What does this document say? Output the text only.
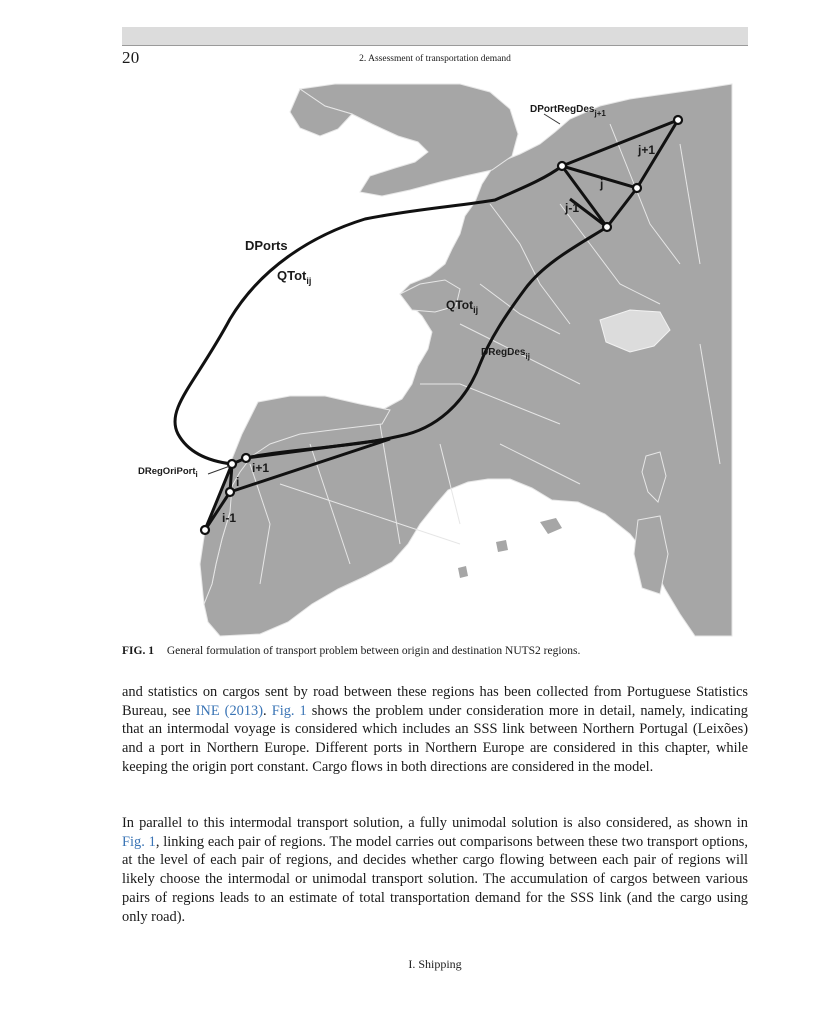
20	2. Assessment of transportation demand
DPortRegDes$_{j+1}$
j+1
j
j-1
DPorts
QTot$_{ij}$
QTot$_{ij}$
DRegDes$_{ij}$
DRegOriPort$_i$	i+1
i
i-1
FIG. 1 General formulation of transport problem between origin and destination NUTS2 regions.

and statistics on cargos sent by road between these regions has been collected from Portuguese Statistics Bureau, see INE (2013). Fig. 1 shows the problem under consideration more in detail, namely, indicating that an intermodal voyage is considered which includes an SSS link between Northern Portugal (Leixões) and a port in Northern Europe. Different ports in Northern Europe are considered in this chapter, while keeping the origin port constant. Cargo flows in both directions are considered in the model.

In parallel to this intermodal transport solution, a fully unimodal solution is also considered, as shown in Fig. 1, linking each pair of regions. The model carries out comparisons between these two transport options, at the level of each pair of regions, and decides whether cargo flowing between each pair of regions will likely choose the intermodal or unimodal transport solution. The accumulation of cargos between various pairs of regions leads to an estimate of total transportation demand for the SSS link (and the cargo using only road).

I. Shipping
